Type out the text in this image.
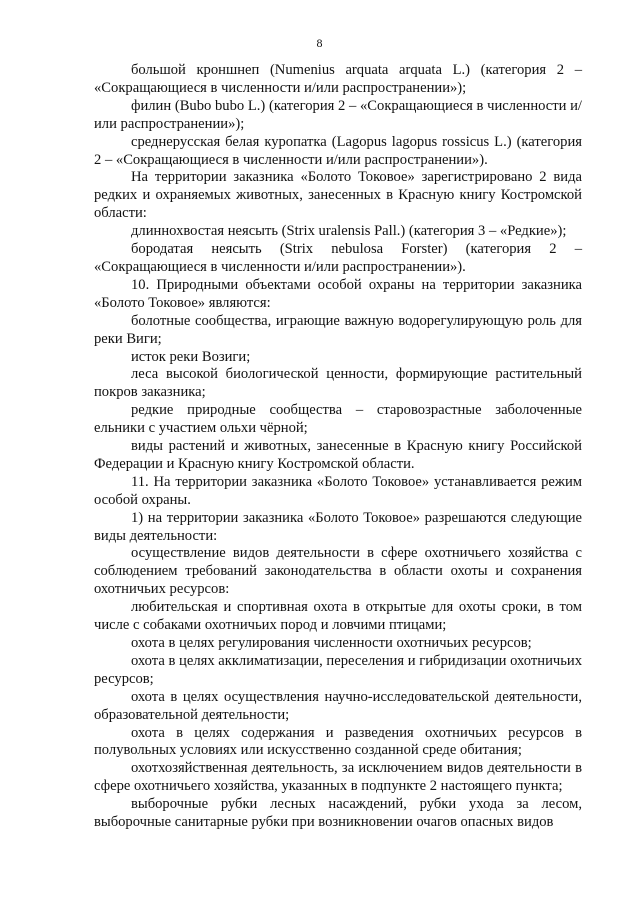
8

большой кроншнеп (Numenius arquata arquata L.) (категория 2 – «Сокращающиеся в численности и/или распространении»);

филин (Bubo bubo L.) (категория 2 – «Сокращающиеся в численности и/или распространении»);

среднерусская белая куропатка (Lagopus lagopus rossicus L.) (категория 2 – «Сокращающиеся в численности и/или распространении»).

На территории заказника «Болото Токовое» зарегистрировано 2 вида редких и охраняемых животных, занесенных в Красную книгу Костромской области:

длиннохвостая неясыть (Strix uralensis Pall.) (категория 3 – «Редкие»);

бородатая неясыть (Strix nebulosa Forster) (категория 2 – «Сокращающиеся в численности и/или распространении»).

10. Природными объектами особой охраны на территории заказника «Болото Токовое» являются:

болотные сообщества, играющие важную водорегулирующую роль для реки Виги;

исток реки Возиги;

леса высокой биологической ценности, формирующие растительный покров заказника;

редкие природные сообщества – старовозрастные заболоченные ельники с участием ольхи чёрной;

виды растений и животных, занесенные в Красную книгу Российской Федерации и Красную книгу Костромской области.

11. На территории заказника «Болото Токовое» устанавливается режим особой охраны.

1) на территории заказника «Болото Токовое» разрешаются следующие виды деятельности:

осуществление видов деятельности в сфере охотничьего хозяйства с соблюдением требований законодательства в области охоты и сохранения охотничьих ресурсов:

любительская и спортивная охота в открытые для охоты сроки, в том числе с собаками охотничьих пород и ловчими птицами;

охота в целях регулирования численности охотничьих ресурсов;

охота в целях акклиматизации, переселения и гибридизации охотничьих ресурсов;

охота в целях осуществления научно-исследовательской деятельности, образовательной деятельности;

охота в целях содержания и разведения охотничьих ресурсов в полувольных условиях или искусственно созданной среде обитания;

охотхозяйственная деятельность, за исключением видов деятельности в сфере охотничьего хозяйства, указанных в подпункте 2 настоящего пункта;

выборочные рубки лесных насаждений, рубки ухода за лесом, выборочные санитарные рубки при возникновении очагов опасных видов
